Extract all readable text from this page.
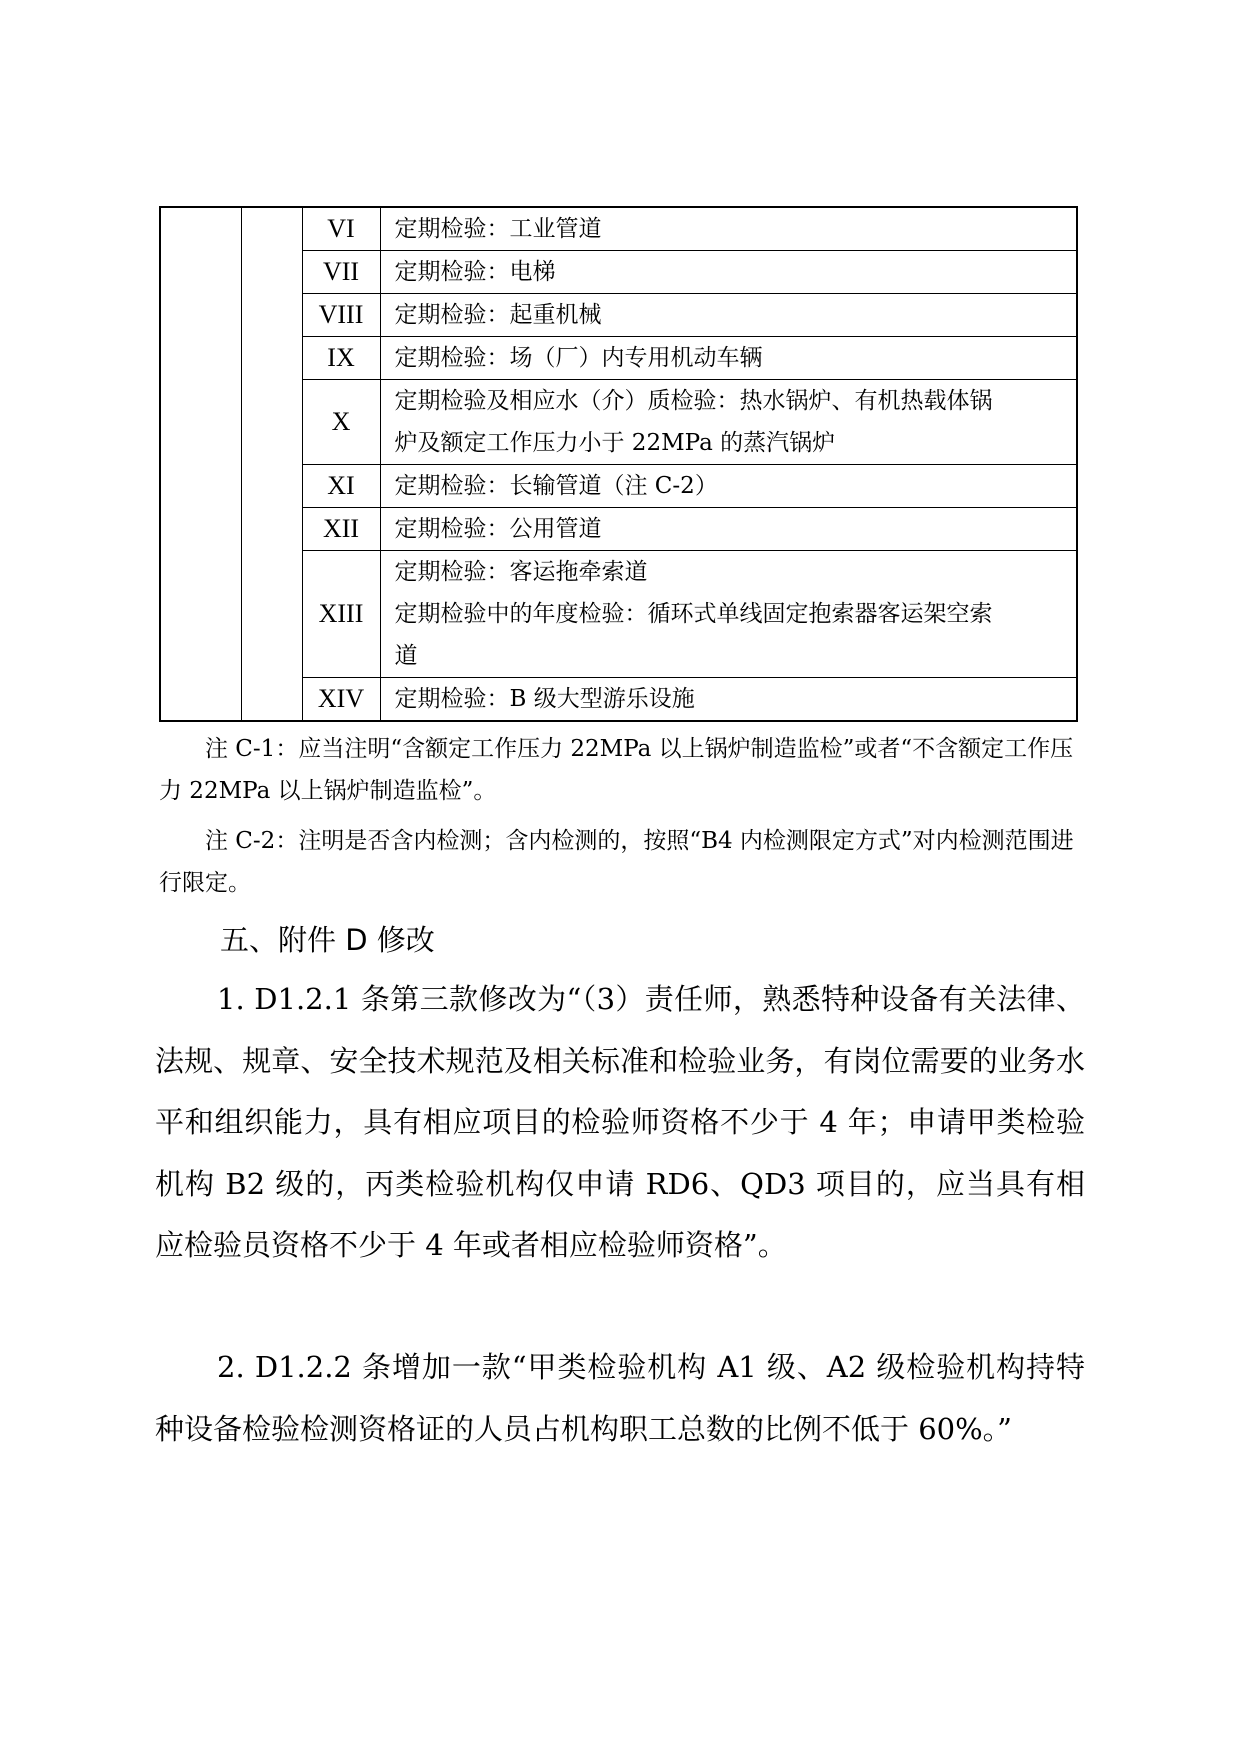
		VI	定期检验：工业管道

		VII	定期检验：电梯

		VIII	定期检验：起重机械

		IX	定期检验：场（厂）内专用机动车辆

		X	定期检验及相应水（介）质检验：热水锅炉、有机热载体锅
炉及额定工作压力小于 22MPa 的蒸汽锅炉

		XI	定期检验：长输管道（注 C-2）

		XII	定期检验：公用管道

		XIII	定期检验：客运拖牵索道
定期检验中的年度检验：循环式单线固定抱索器客运架空索
道

		XIV	定期检验：B 级大型游乐设施

注 C-1：应当注明“含额定工作压力 22MPa 以上锅炉制造监检”或者“不含额定工作压力 22MPa 以上锅炉制造监检”。

注 C-2：注明是否含内检测；含内检测的，按照“B4 内检测限定方式”对内检测范围进行限定。

五、附件 D 修改

1. D1.2.1 条第三款修改为“（3）责任师，熟悉特种设备有关法律、法规、规章、安全技术规范及相关标准和检验业务，有岗位需要的业务水平和组织能力，具有相应项目的检验师资格不少于 4 年；申请甲类检验机构 B2 级的，丙类检验机构仅申请 RD6、QD3 项目的，应当具有相应检验员资格不少于 4 年或者相应检验师资格”。

2. D1.2.2 条增加一款“甲类检验机构 A1 级、A2 级检验机构持特种设备检验检测资格证的人员占机构职工总数的比例不低于 60%。”
